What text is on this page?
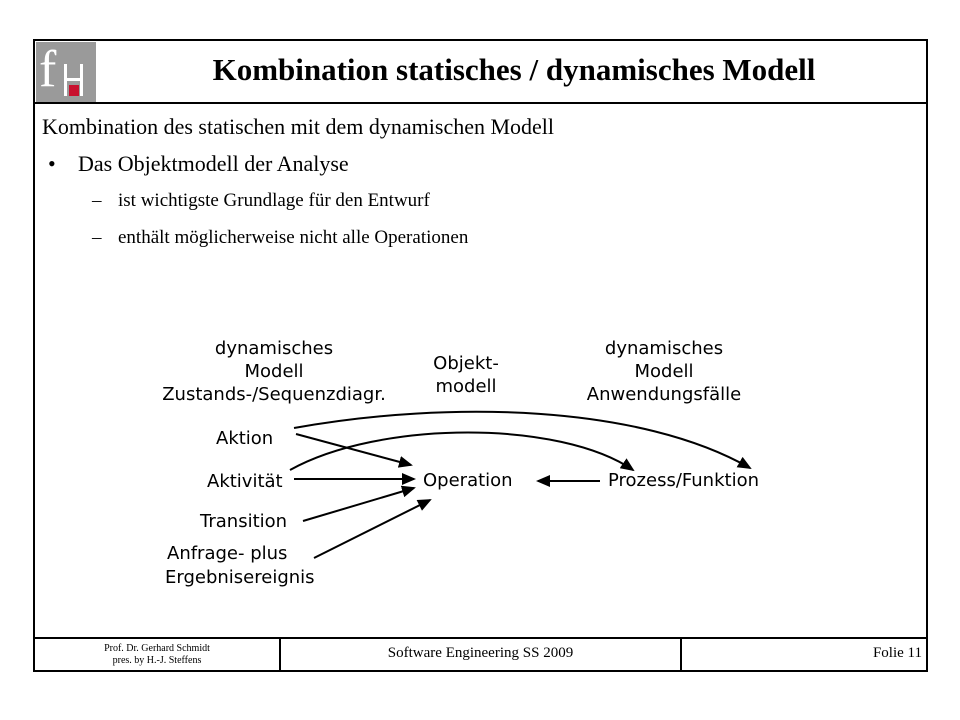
f	Kombination statisches / dynamisches Modell
Kombination des statischen mit dem dynamischen Modell
• Das Objektmodell der Analyse
– ist wichtigste Grundlage für den Entwurf
– enthält möglicherweise nicht alle Operationen
dynamisches
Modell
Zustands-/Sequenzdiagr.
Objekt-
modell
dynamisches
Modell
Anwendungsfälle
Aktion
Aktivität
Transition
Anfrage- plus
Ergebnisereignis
Operation	Prozess/Funktion
Prof. Dr. Gerhard Schmidt
pres. by H.-J. Steffens	Software Engineering SS 2009	Folie 11
